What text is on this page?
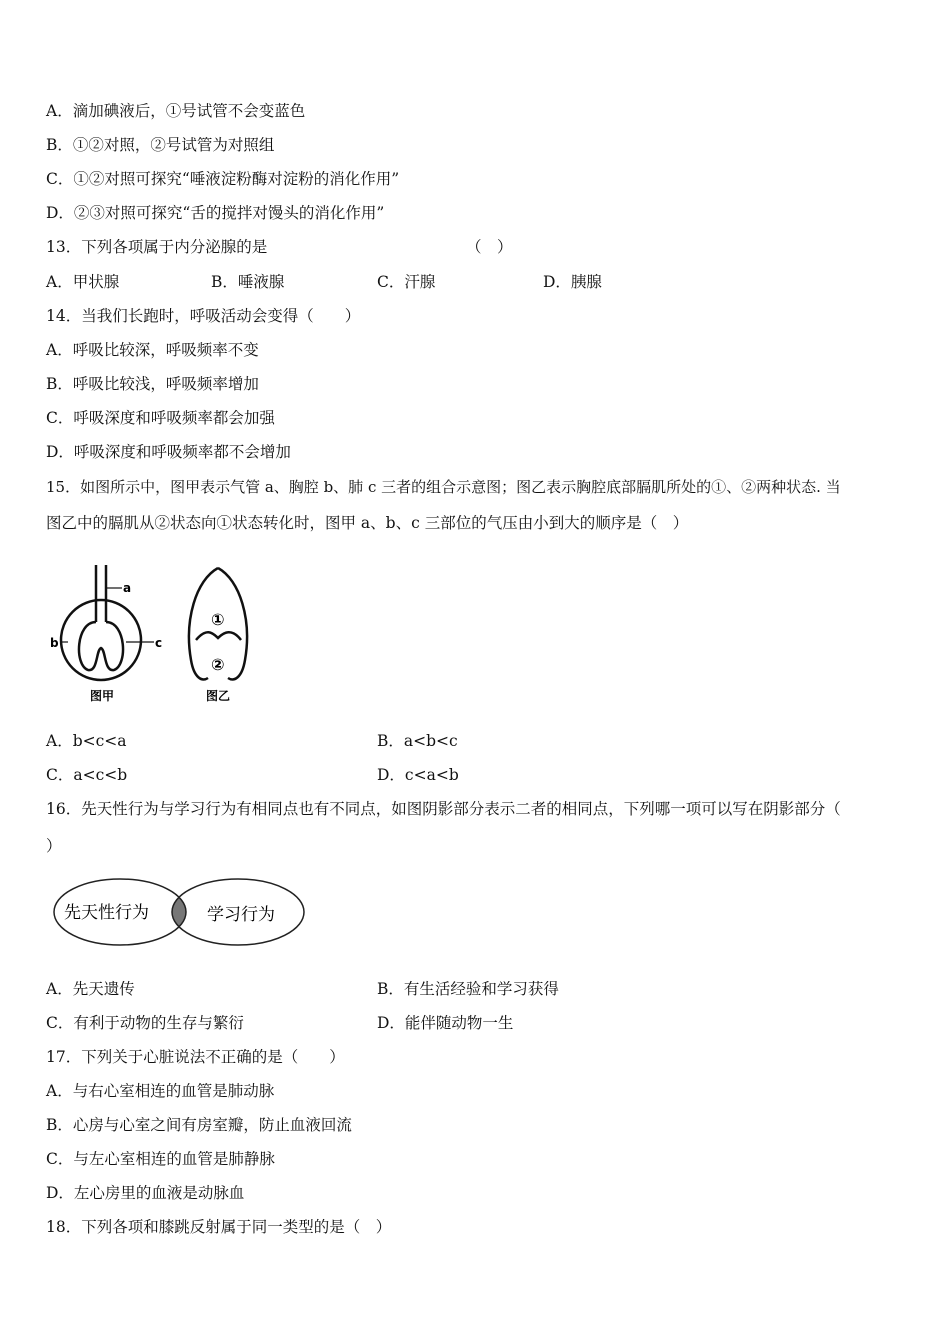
A．滴加碘液后，①号试管不会变蓝色
B．①②对照，②号试管为对照组
C．①②对照可探究“唾液淀粉酶对淀粉的消化作用”
D．②③对照可探究“舌的搅拌对馒头的消化作用”
13．下列各项属于内分泌腺的是	（　）
A．甲状腺	B．唾液腺	C．汗腺	D．胰腺
14．当我们长跑时，呼吸活动会变得（　　）
A．呼吸比较深，呼吸频率不变
B．呼吸比较浅，呼吸频率增加
C．呼吸深度和呼吸频率都会加强
D．呼吸深度和呼吸频率都不会增加
15．如图所示中，图甲表示气管 a、胸腔 b、肺 c 三者的组合示意图；图乙表示胸腔底部膈肌所处的①、②两种状态. 当
图乙中的膈肌从②状态向①状态转化时，图甲 a、b、c 三部位的气压由小到大的顺序是（　）
a
b	c
图甲
①
②
图乙
A．b<c<a	B．a<b<c
C．a<c<b	D．c<a<b
16．先天性行为与学习行为有相同点也有不同点，如图阴影部分表示二者的相同点，下列哪一项可以写在阴影部分（
）
先天性行为	学习行为
A．先天遗传	B．有生活经验和学习获得
C．有利于动物的生存与繁衍	D．能伴随动物一生
17．下列关于心脏说法不正确的是（　　）
A．与右心室相连的血管是肺动脉
B．心房与心室之间有房室瓣，防止血液回流
C．与左心室相连的血管是肺静脉
D．左心房里的血液是动脉血
18．下列各项和膝跳反射属于同一类型的是（　）
